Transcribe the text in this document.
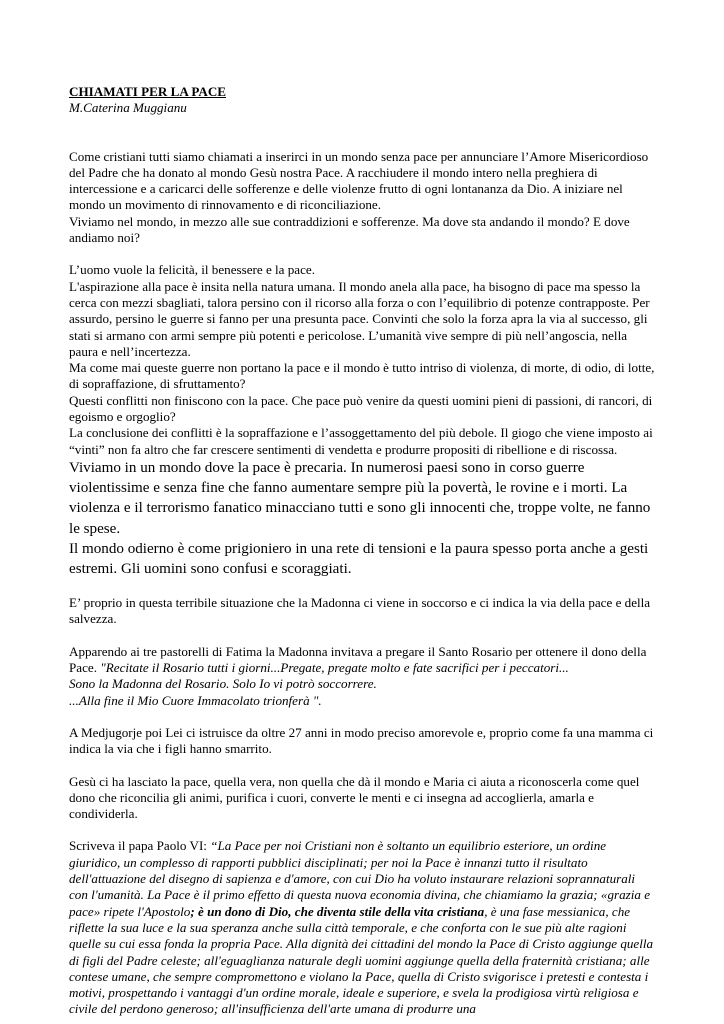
CHIAMATI PER LA PACE

M.Caterina Muggianu

Come cristiani tutti siamo chiamati a inserirci in un mondo senza pace per annunciare l’Amore Misericordioso del Padre che ha donato al mondo Gesù nostra Pace. A racchiudere il mondo intero nella preghiera di intercessione e a caricarci delle sofferenze e delle violenze frutto di ogni lontananza da Dio. A iniziare nel mondo un movimento di rinnovamento e di riconciliazione.

Viviamo nel mondo, in mezzo alle sue contraddizioni e sofferenze. Ma dove sta andando il mondo? E dove andiamo noi?

L’uomo vuole la felicità, il benessere e la pace.

L'aspirazione alla pace è insita nella natura umana. Il mondo anela alla pace, ha bisogno di pace ma spesso la cerca con mezzi sbagliati, talora persino con il ricorso alla forza o con l’equilibrio di potenze contrapposte. Per assurdo, persino le guerre si fanno per una presunta pace. Convinti che solo la forza apra la via al successo, gli stati si armano con armi sempre più potenti e pericolose. L’umanità vive sempre di più nell’angoscia, nella paura e nell’incertezza.

Ma come mai queste guerre non portano la pace e il mondo è tutto intriso di violenza, di morte, di odio, di lotte, di sopraffazione, di sfruttamento?

Questi conflitti non finiscono con la pace. Che pace può venire da questi uomini pieni di passioni, di rancori, di egoismo e orgoglio?

La conclusione dei conflitti è la sopraffazione e l’assoggettamento del più debole. Il giogo che viene imposto ai “vinti” non fa altro che far crescere sentimenti di vendetta e produrre propositi di ribellione e di riscossa.

Viviamo in un mondo dove la pace è precaria. In numerosi paesi sono in corso guerre violentissime e senza fine che fanno aumentare sempre più la povertà, le rovine e i morti. La violenza e il terrorismo fanatico minacciano tutti e sono gli innocenti che, troppe volte, ne fanno le spese.

Il mondo odierno è come prigioniero in una rete di tensioni e la paura spesso porta anche a gesti estremi. Gli uomini sono confusi e scoraggiati.

E’ proprio in questa terribile situazione che la Madonna ci viene in soccorso e ci indica la via della pace e della salvezza.

Apparendo ai tre pastorelli di Fatima la Madonna invitava a pregare il Santo Rosario per ottenere il dono della Pace. "Recitate il Rosario tutti i giorni...Pregate, pregate molto e fate sacrifici per i peccatori...

Sono la Madonna del Rosario. Solo Io vi potrò soccorrere.

...Alla fine il Mio Cuore Immacolato trionferà ".

A Medjugorje poi Lei ci istruisce da oltre 27 anni in modo preciso amorevole e, proprio come fa una mamma ci indica la via che i figli hanno smarrito.

Gesù ci ha lasciato la pace, quella vera, non quella che dà il mondo e Maria ci aiuta a riconoscerla come quel dono che riconcilia gli animi, purifica i cuori, converte le menti e ci insegna ad accoglierla, amarla e condividerla.

Scriveva il papa Paolo VI: “La Pace per noi Cristiani non è soltanto un equilibrio esteriore, un ordine giuridico, un complesso di rapporti pubblici disciplinati; per noi la Pace è innanzi tutto il risultato dell'attuazione del disegno di sapienza e d'amore, con cui Dio ha voluto instaurare relazioni soprannaturali con l'umanità. La Pace è il primo effetto di questa nuova economia divina, che chiamiamo la grazia; «grazia e pace» ripete l'Apostolo; è un dono di Dio, che diventa stile della vita cristiana, è una fase messianica, che riflette la sua luce e la sua speranza anche sulla città temporale, e che conforta con le sue più alte ragioni quelle su cui essa fonda la propria Pace. Alla dignità dei cittadini del mondo la Pace di Cristo aggiunge quella di figli del Padre celeste; all'eguaglianza naturale degli uomini aggiunge quella della fraternità cristiana; alle contese umane, che sempre compromettono e violano la Pace, quella di Cristo svigorisce i pretesti e contesta i motivi, prospettando i vantaggi d'un ordine morale, ideale e superiore, e svela la prodigiosa virtù religiosa e civile del perdono generoso; all'insufficienza dell'arte umana di produrre una
